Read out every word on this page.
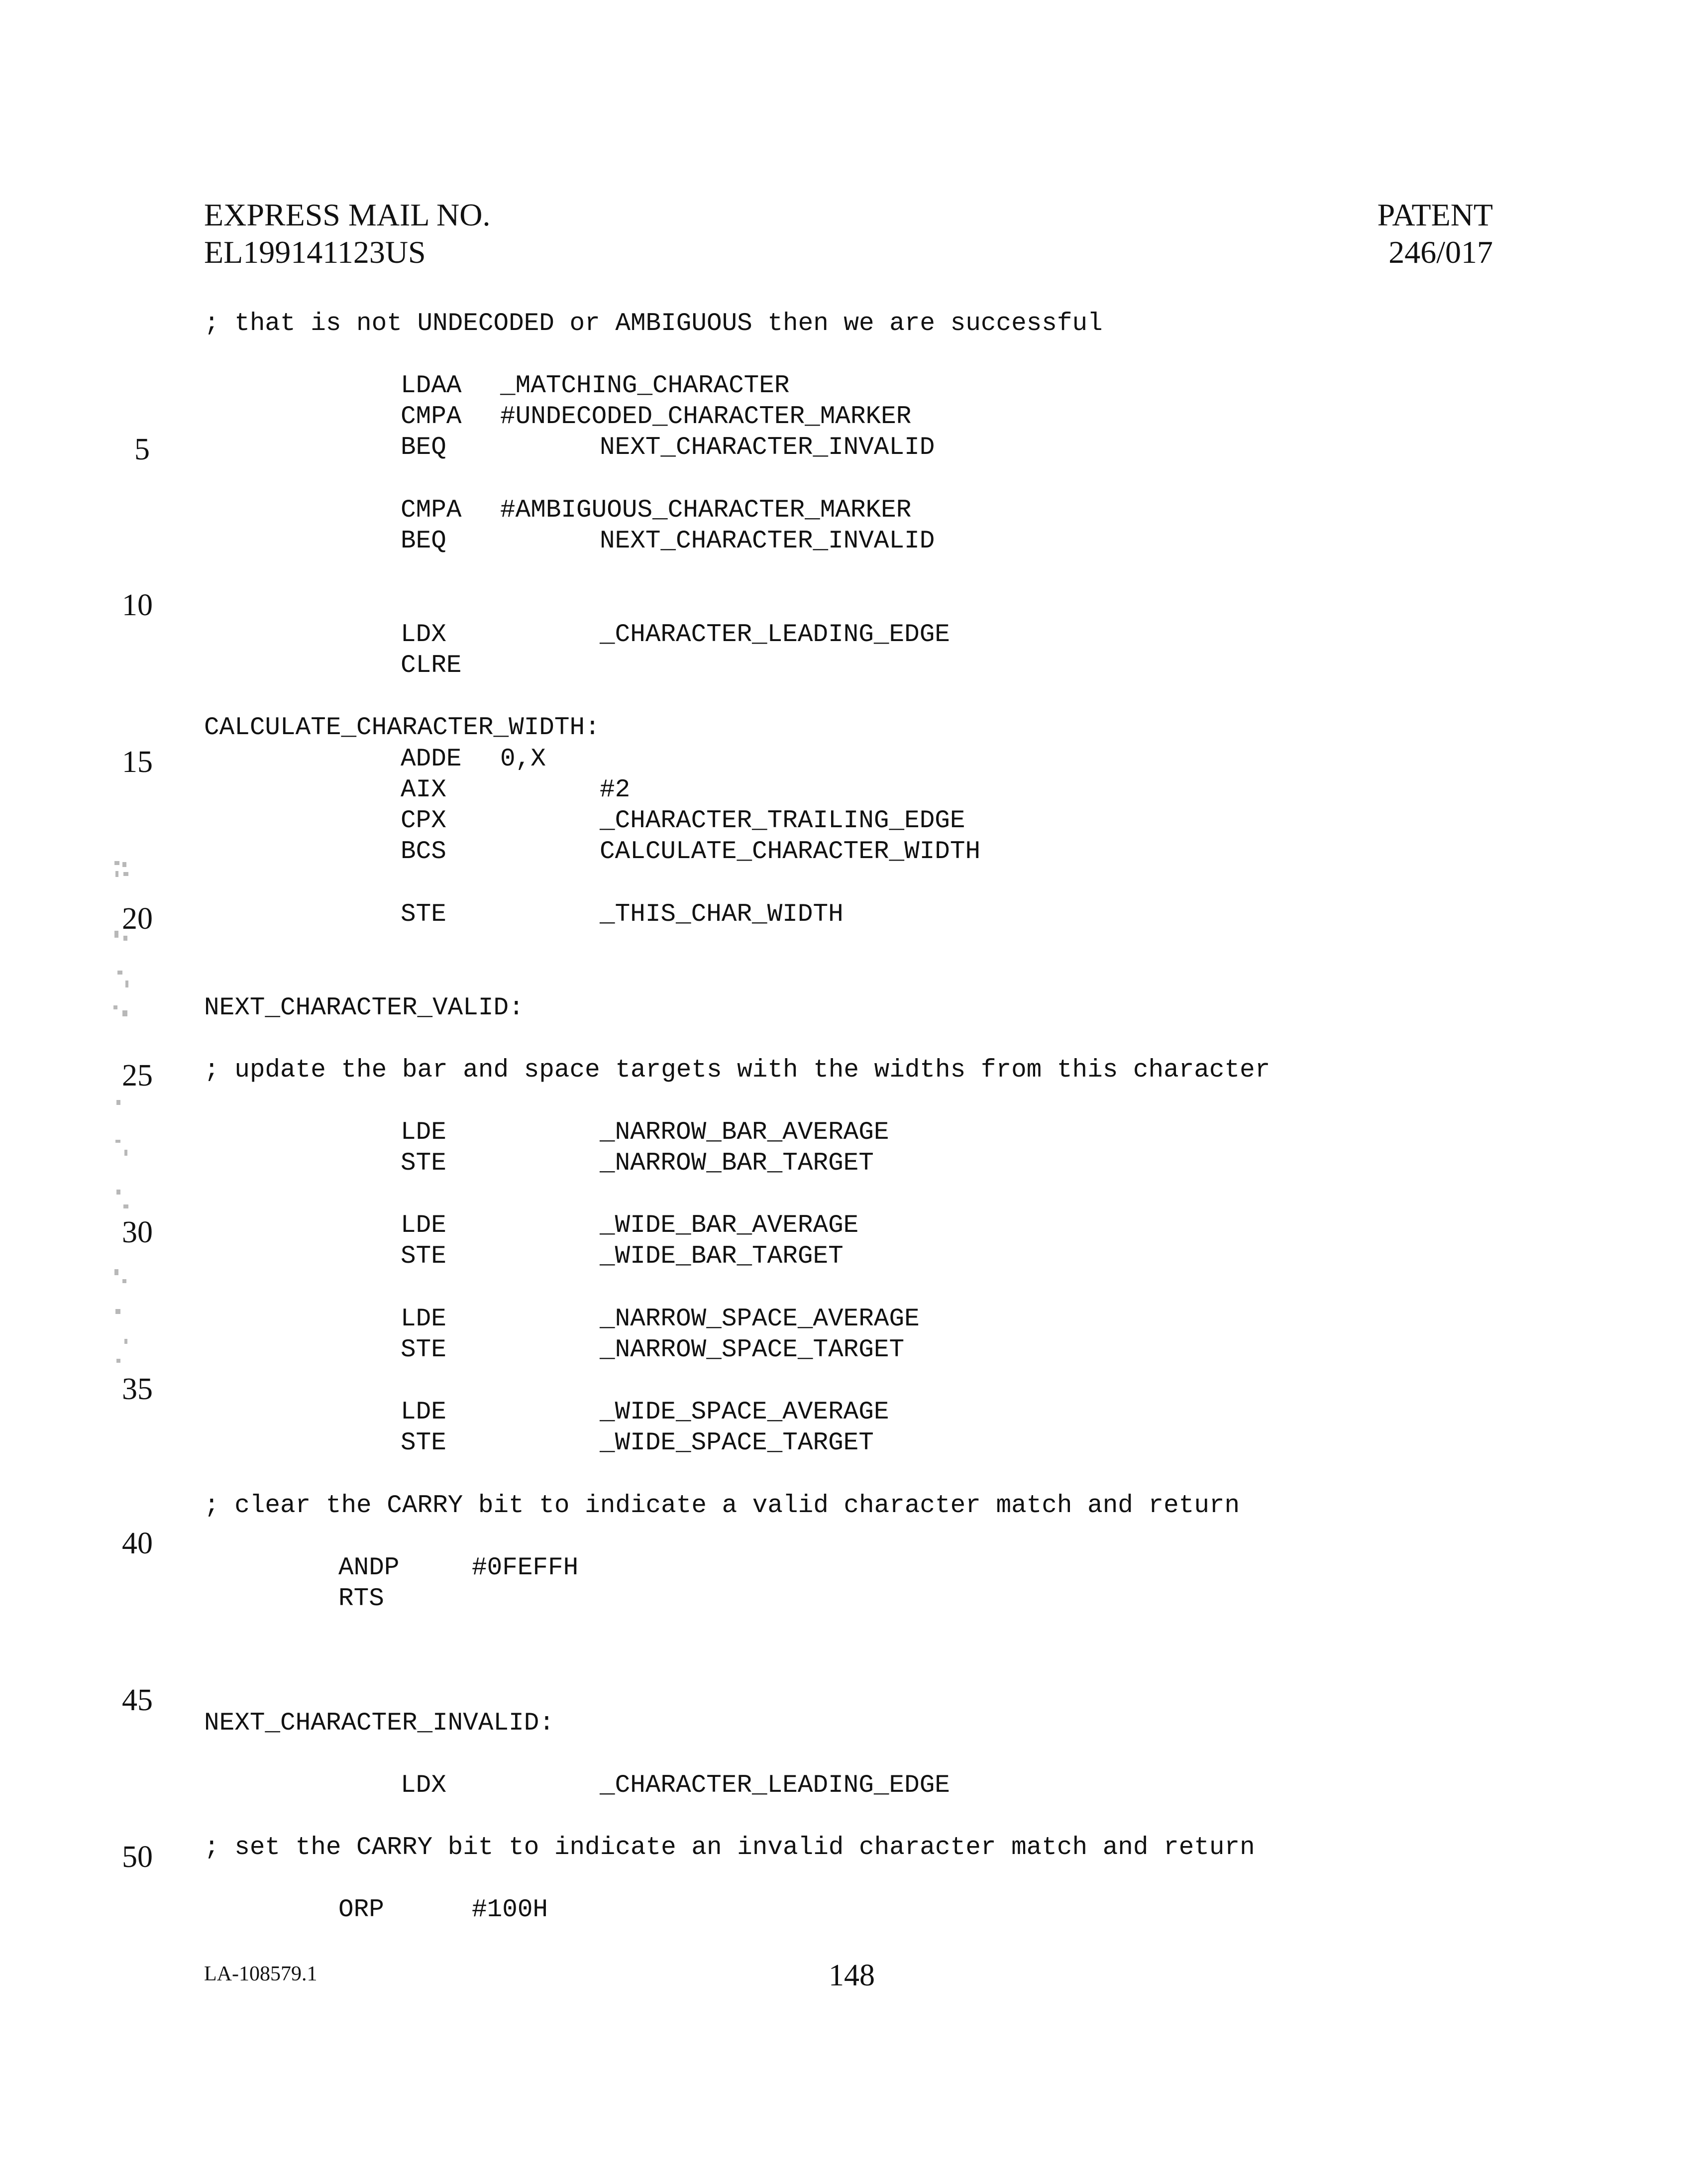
EXPRESS MAIL NO.
EL199141123US
PATENT
246/017
5
10
15
20
25
30
35
40
45
50
; that is not UNDECODED or AMBIGUOUS then we are successful
LDAA _MATCHING_CHARACTER
CMPA #UNDECODED_CHARACTER_MARKER
BEQ	NEXT_CHARACTER_INVALID
CMPA #AMBIGUOUS_CHARACTER_MARKER
BEQ	NEXT_CHARACTER_INVALID
LDX	_CHARACTER_LEADING_EDGE
CLRE
CALCULATE_CHARACTER_WIDTH:
ADDE 0,X
AIX	#2
CPX	_CHARACTER_TRAILING_EDGE
BCS	CALCULATE_CHARACTER_WIDTH
STE	_THIS_CHAR_WIDTH
NEXT_CHARACTER_VALID:
; update the bar and space targets with the widths from this character
LDE	_NARROW_BAR_AVERAGE
STE	_NARROW_BAR_TARGET
LDE	_WIDE_BAR_AVERAGE
STE	_WIDE_BAR_TARGET
LDE	_NARROW_SPACE_AVERAGE
STE	_NARROW_SPACE_TARGET
LDE	_WIDE_SPACE_AVERAGE
STE	_WIDE_SPACE_TARGET
; clear the CARRY bit to indicate a valid character match and return
ANDP	#0FEFFH
RTS
NEXT_CHARACTER_INVALID:
LDX	_CHARACTER_LEADING_EDGE
; set the CARRY bit to indicate an invalid character match and return
ORP	#100H
LA-108579.1	148
